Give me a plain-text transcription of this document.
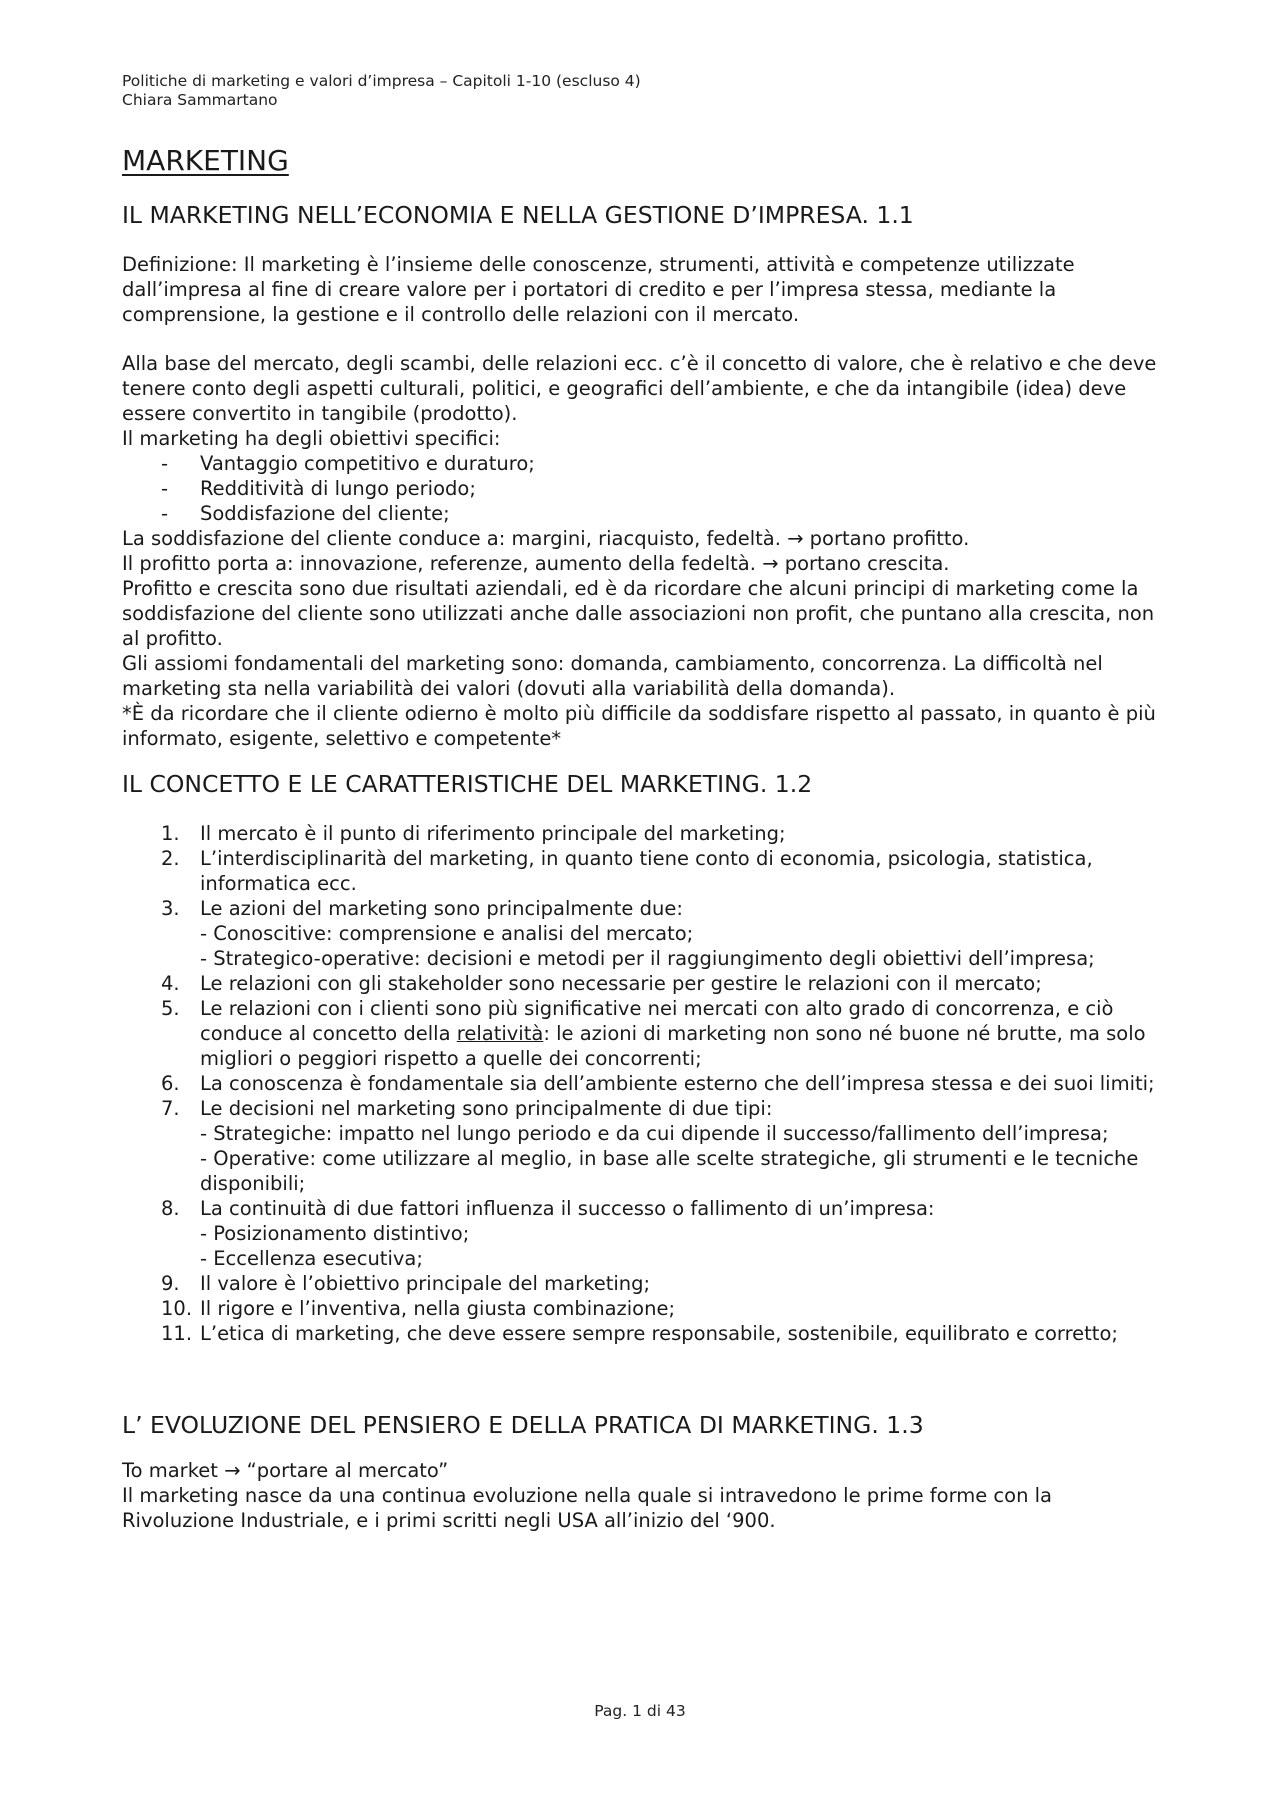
Politiche di marketing e valori d’impresa – Capitoli 1-10 (escluso 4)
Chiara Sammartano
MARKETING
IL MARKETING NELL’ECONOMIA E NELLA GESTIONE D’IMPRESA. 1.1

Definizione: Il marketing è l’insieme delle conoscenze, strumenti, attività e competenze utilizzate dall’impresa al fine di creare valore per i portatori di credito e per l’impresa stessa, mediante la comprensione, la gestione e il controllo delle relazioni con il mercato.

Alla base del mercato, degli scambi, delle relazioni ecc. c’è il concetto di valore, che è relativo e che deve tenere conto degli aspetti culturali, politici, e geografici dell’ambiente, e che da intangibile (idea) deve essere convertito in tangibile (prodotto).

Il marketing ha degli obiettivi specifici:

- Vantaggio competitivo e duraturo;
- Redditività di lungo periodo;
- Soddisfazione del cliente;

La soddisfazione del cliente conduce a: margini, riacquisto, fedeltà. → portano profitto.

Il profitto porta a: innovazione, referenze, aumento della fedeltà. → portano crescita.

Profitto e crescita sono due risultati aziendali, ed è da ricordare che alcuni principi di marketing come la soddisfazione del cliente sono utilizzati anche dalle associazioni non profit, che puntano alla crescita, non al profitto.

Gli assiomi fondamentali del marketing sono: domanda, cambiamento, concorrenza. La difficoltà nel marketing sta nella variabilità dei valori (dovuti alla variabilità della domanda).

*È da ricordare che il cliente odierno è molto più difficile da soddisfare rispetto al passato, in quanto è più informato, esigente, selettivo e competente*

IL CONCETTO E LE CARATTERISTICHE DEL MARKETING. 1.2
1.	Il mercato è il punto di riferimento principale del marketing;
2.	L’interdisciplinarità del marketing, in quanto tiene conto di economia, psicologia, statistica, informatica ecc.
3.	Le azioni del marketing sono principalmente due:
- Conoscitive: comprensione e analisi del mercato;
- Strategico-operative: decisioni e metodi per il raggiungimento degli obiettivi dell’impresa;
4.	Le relazioni con gli stakeholder sono necessarie per gestire le relazioni con il mercato;
5.	Le relazioni con i clienti sono più significative nei mercati con alto grado di concorrenza, e ciò conduce al concetto della relatività: le azioni di marketing non sono né buone né brutte, ma solo migliori o peggiori rispetto a quelle dei concorrenti;
6.	La conoscenza è fondamentale sia dell’ambiente esterno che dell’impresa stessa e dei suoi limiti;
7.	Le decisioni nel marketing sono principalmente di due tipi:
- Strategiche: impatto nel lungo periodo e da cui dipende il successo/fallimento dell’impresa;
- Operative: come utilizzare al meglio, in base alle scelte strategiche, gli strumenti e le tecniche disponibili;
8.	La continuità di due fattori influenza il successo o fallimento di un’impresa:
- Posizionamento distintivo;
- Eccellenza esecutiva;
9.	Il valore è l’obiettivo principale del marketing;
10. Il rigore e l’inventiva, nella giusta combinazione;
11. L’etica di marketing, che deve essere sempre responsabile, sostenibile, equilibrato e corretto;
L’ EVOLUZIONE DEL PENSIERO E DELLA PRATICA DI MARKETING. 1.3

To market → “portare al mercato”

Il marketing nasce da una continua evoluzione nella quale si intravedono le prime forme con la Rivoluzione Industriale, e i primi scritti negli USA all’inizio del ‘900.

Pag. 1 di 43
